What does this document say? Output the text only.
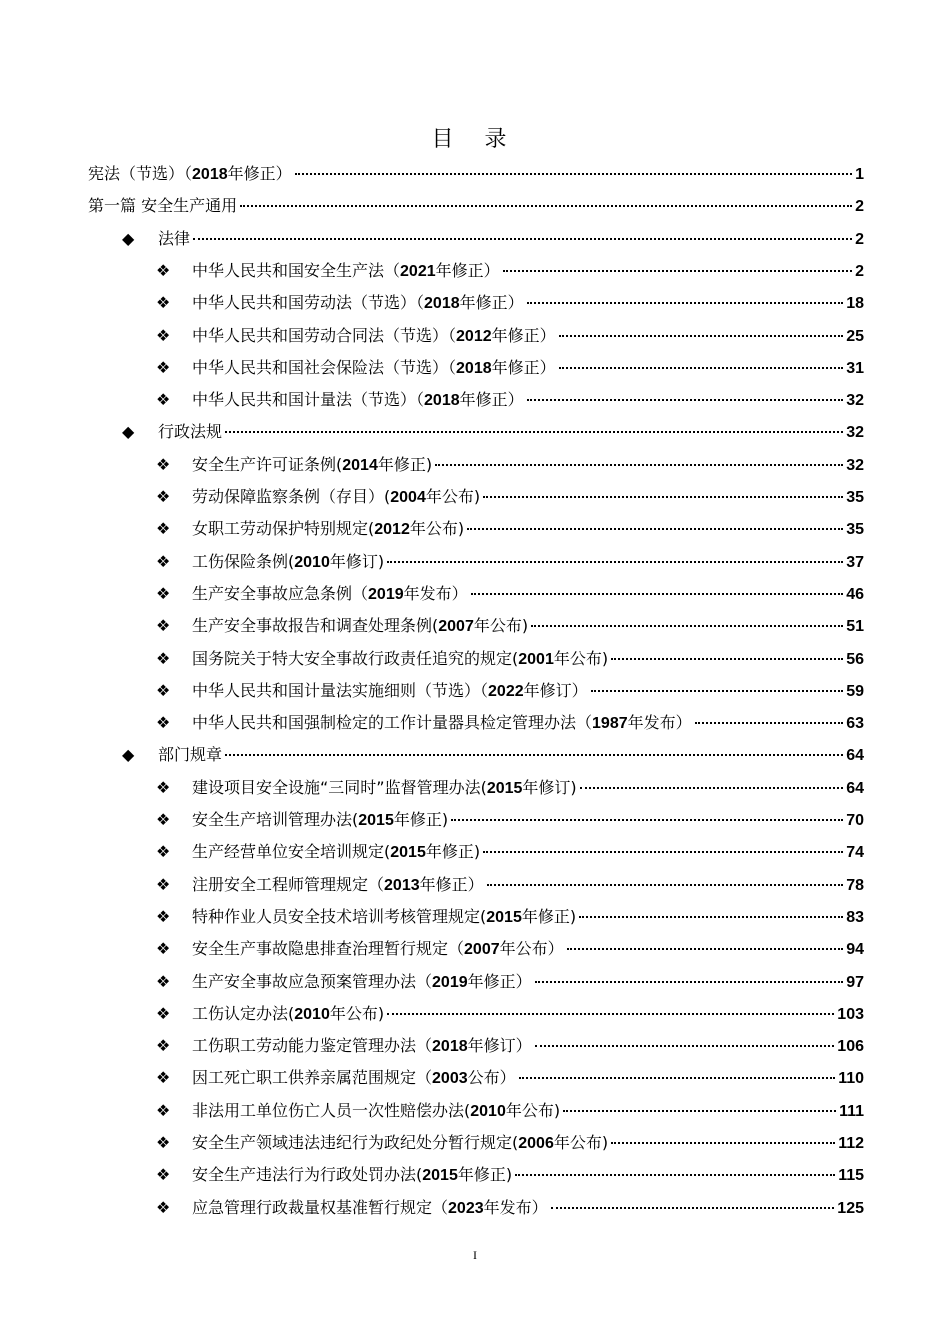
目 录
宪法（节选）（2018年修正）	1
第一篇 安全生产通用	2
◆	法律	2
❖	中华人民共和国安全生产法（2021年修正）	2
❖	中华人民共和国劳动法（节选）（2018年修正）	18
❖	中华人民共和国劳动合同法（节选）（2012年修正）	25
❖	中华人民共和国社会保险法（节选）（2018年修正）	31
❖	中华人民共和国计量法（节选）（2018年修正）	32
◆	行政法规	32
❖	安全生产许可证条例(2014年修正)	32
❖	劳动保障监察条例（存目）(2004年公布)	35
❖	女职工劳动保护特别规定(2012年公布)	35
❖	工伤保险条例(2010年修订)	37
❖	生产安全事故应急条例（2019年发布）	46
❖	生产安全事故报告和调查处理条例(2007年公布)	51
❖	国务院关于特大安全事故行政责任追究的规定(2001年公布)	56
❖	中华人民共和国计量法实施细则（节选）（2022年修订）	59
❖	中华人民共和国强制检定的工作计量器具检定管理办法（1987年发布）	63
◆	部门规章	64
❖	建设项目安全设施“三同时”监督管理办法(2015年修订)	64
❖	安全生产培训管理办法(2015年修正)	70
❖	生产经营单位安全培训规定(2015年修正)	74
❖	注册安全工程师管理规定（2013年修正）	78
❖	特种作业人员安全技术培训考核管理规定(2015年修正)	83
❖	安全生产事故隐患排查治理暂行规定（2007年公布）	94
❖	生产安全事故应急预案管理办法（2019年修正）	97
❖	工伤认定办法(2010年公布)	103
❖	工伤职工劳动能力鉴定管理办法（2018年修订）	106
❖	因工死亡职工供养亲属范围规定（2003公布）	110
❖	非法用工单位伤亡人员一次性赔偿办法(2010年公布)	111
❖	安全生产领域违法违纪行为政纪处分暂行规定(2006年公布)	112
❖	安全生产违法行为行政处罚办法(2015年修正)	115
❖	应急管理行政裁量权基准暂行规定（2023年发布）	125
I
